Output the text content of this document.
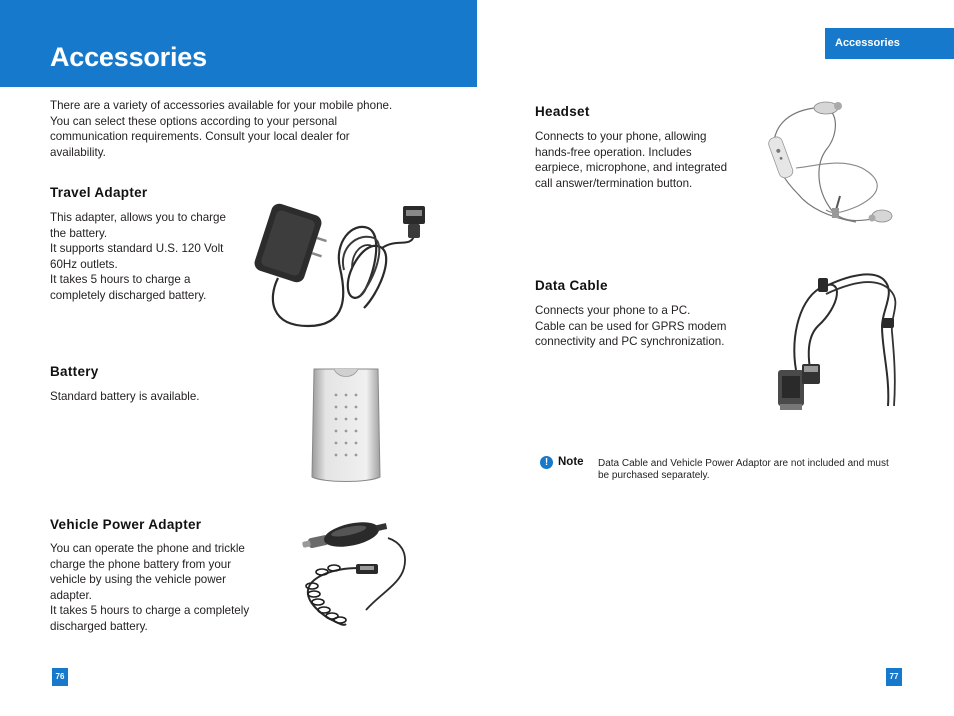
Accessories	Accessories
There are a variety of accessories available for your mobile phone.
You can select these options according to your personal
communication requirements. Consult your local dealer for
availability.
Travel Adapter
This adapter, allows you to charge
the battery.
It supports standard U.S. 120 Volt
60Hz outlets.
It takes 5 hours to charge a
completely discharged battery.
Battery
Standard battery is available.
Vehicle Power Adapter
You can operate the phone and trickle
charge the phone battery from your
vehicle by using the vehicle power
adapter.
It takes 5 hours to charge a completely
discharged battery.
Headset
Connects to your phone, allowing
hands-free operation. Includes
earpiece, microphone, and integrated
call answer/termination button.
Data Cable
Connects your phone to a PC.
Cable can be used for GPRS modem
connectivity and PC synchronization.
! Note Data Cable and Vehicle Power Adaptor are not included and must be purchased separately.
76	77
